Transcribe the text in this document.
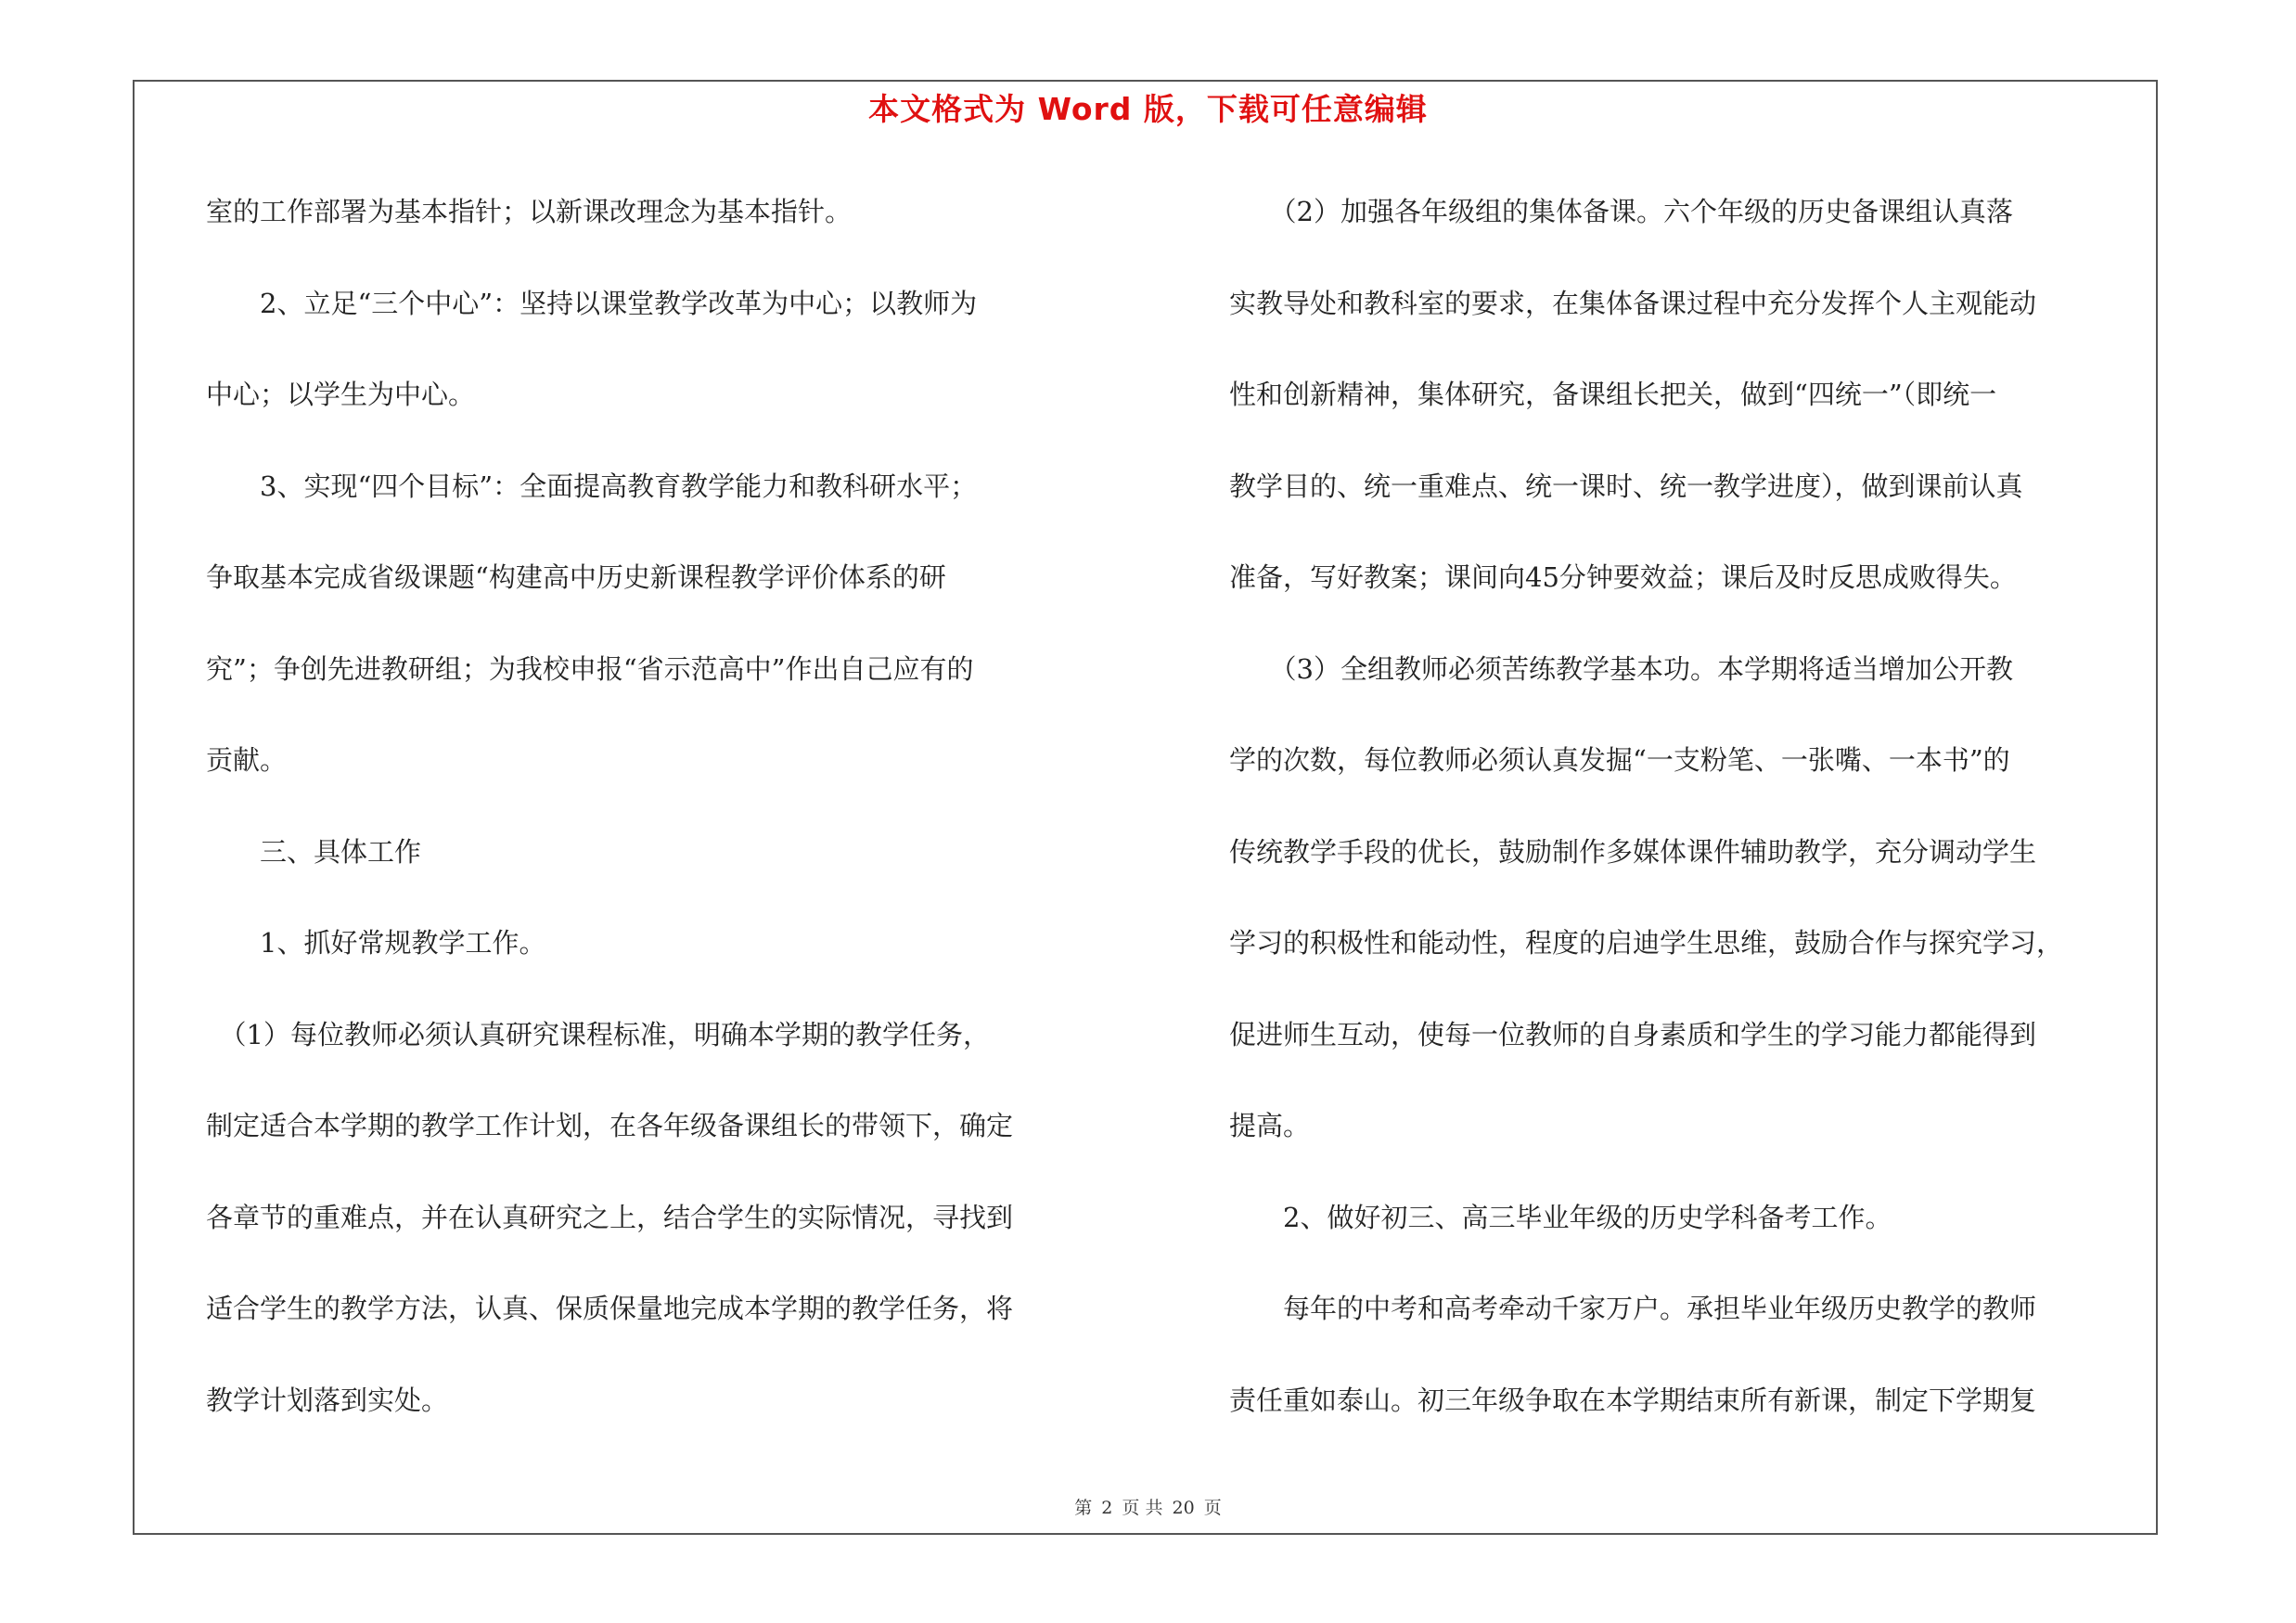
本文格式为 Word 版，下载可任意编辑
室的工作部署为基本指针；以新课改理念为基本指针。
　　2、立足“三个中心”：坚持以课堂教学改革为中心；以教师为
中心；以学生为中心。
　　3、实现“四个目标”：全面提高教育教学能力和教科研水平；
争取基本完成省级课题“构建高中历史新课程教学评价体系的研
究”；争创先进教研组；为我校申报“省示范高中”作出自己应有的
贡献。
　　三、具体工作
　　1、抓好常规教学工作。
　（1）每位教师必须认真研究课程标准，明确本学期的教学任务，
制定适合本学期的教学工作计划，在各年级备课组长的带领下，确定
各章节的重难点，并在认真研究之上，结合学生的实际情况，寻找到
适合学生的教学方法，认真、保质保量地完成本学期的教学任务，将
教学计划落到实处。
　　（2）加强各年级组的集体备课。六个年级的历史备课组认真落
实教导处和教科室的要求，在集体备课过程中充分发挥个人主观能动
性和创新精神，集体研究，备课组长把关，做到“四统一”（即统一
教学目的、统一重难点、统一课时、统一教学进度），做到课前认真
准备，写好教案；课间向45分钟要效益；课后及时反思成败得失。
　　（3）全组教师必须苦练教学基本功。本学期将适当增加公开教
学的次数，每位教师必须认真发掘“一支粉笔、一张嘴、一本书”的
传统教学手段的优长，鼓励制作多媒体课件辅助教学，充分调动学生
学习的积极性和能动性，程度的启迪学生思维，鼓励合作与探究学习，
促进师生互动，使每一位教师的自身素质和学生的学习能力都能得到
提高。
　　2、做好初三、高三毕业年级的历史学科备考工作。
　　每年的中考和高考牵动千家万户。承担毕业年级历史教学的教师
责任重如泰山。初三年级争取在本学期结束所有新课，制定下学期复
第 2 页 共 20 页
